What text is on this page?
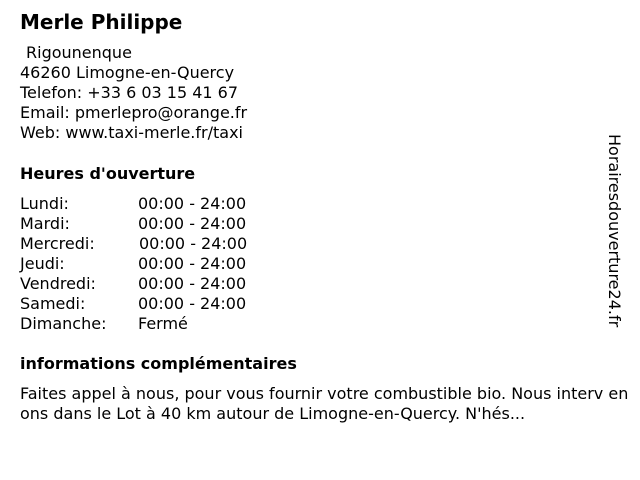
Merle Philippe
Rigounenque
46260 Limogne-en-Quercy
Telefon: +33 6 03 15 41 67
Email: pmerlepro@orange.fr
Web: www.taxi-merle.fr/taxi
Heures d'ouverture
Lundi:	00:00 - 24:00
Mardi:	00:00 - 24:00
Mercredi:	00:00 - 24:00
Jeudi:	00:00 - 24:00
Vendredi:	00:00 - 24:00
Samedi:	00:00 - 24:00
Dimanche: Fermé
informations complémentaires
Faites appel à nous, pour vous fournir votre combustible bio. Nous interv enons dans le Lot à 40 km autour de Limogne-en-Quercy. N'hés...
Horairesdouverture24.fr
